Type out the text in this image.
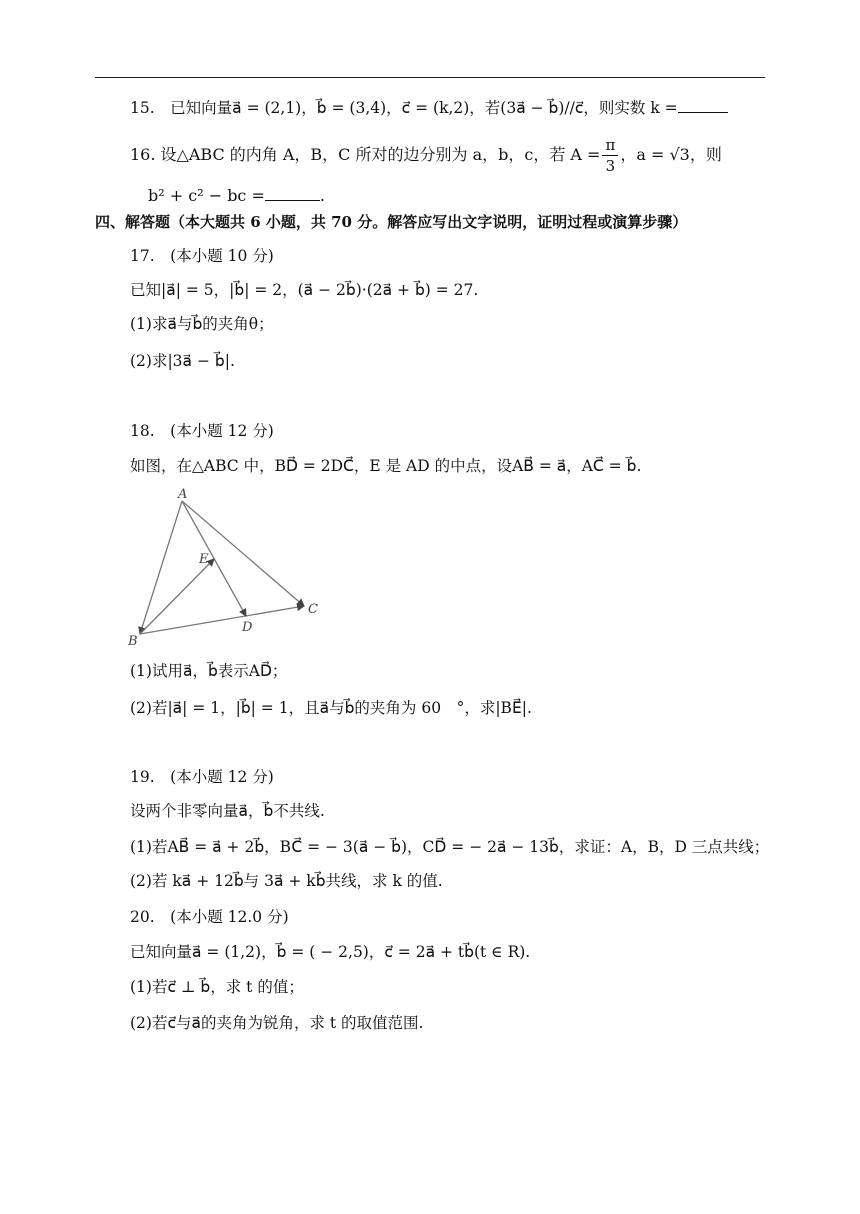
15.　已知向量a⃗ = (2,1)，b⃗ = (3,4)，c⃗ = (k,2)，若(3a⃗ − b⃗)//c⃗，则实数 k =
16. 设△ABC 的内角 A，B，C 所对的边分别为 a，b，c，若 $A = \frac{\pi}{3}$ ，a = √3，则
b² + c² − bc =	.
四、解答题（本大题共 6 小题，共 70 分。解答应写出文字说明，证明过程或演算步骤）
17.　(本小题 10 分)
已知|a⃗| = 5，|b⃗| = 2，(a⃗ − 2b⃗)·(2a⃗ + b⃗) = 27.
(1)求a⃗与b⃗的夹角θ；
(2)求|3a⃗ − b⃗|.
18.　(本小题 12 分)
如图，在△ABC 中，BD⃗ = 2DC⃗，E 是 AD 的中点，设AB⃗ = a⃗，AC⃗ = b⃗.
A
B
C
D
E
(1)试用a⃗，b⃗表示AD⃗；
(2)若|a⃗| = 1，|b⃗| = 1，且a⃗与b⃗的夹角为 60　°，求|BE⃗|.
19.　(本小题 12 分)
设两个非零向量a⃗，b⃗不共线.
(1)若AB⃗ = a⃗ + 2b⃗，BC⃗ = − 3(a⃗ − b⃗)，CD⃗ = − 2a⃗ − 13b⃗，求证：A，B，D 三点共线；
(2)若 ka⃗ + 12b⃗与 3a⃗ + kb⃗共线，求 k 的值.
20.　(本小题 12.0 分)
已知向量a⃗ = (1,2)，b⃗ = ( − 2,5)，c⃗ = 2a⃗ + tb⃗(t ∈ R).
(1)若c⃗ ⊥ b⃗，求 t 的值；
(2)若c⃗与a⃗的夹角为锐角，求 t 的取值范围.
